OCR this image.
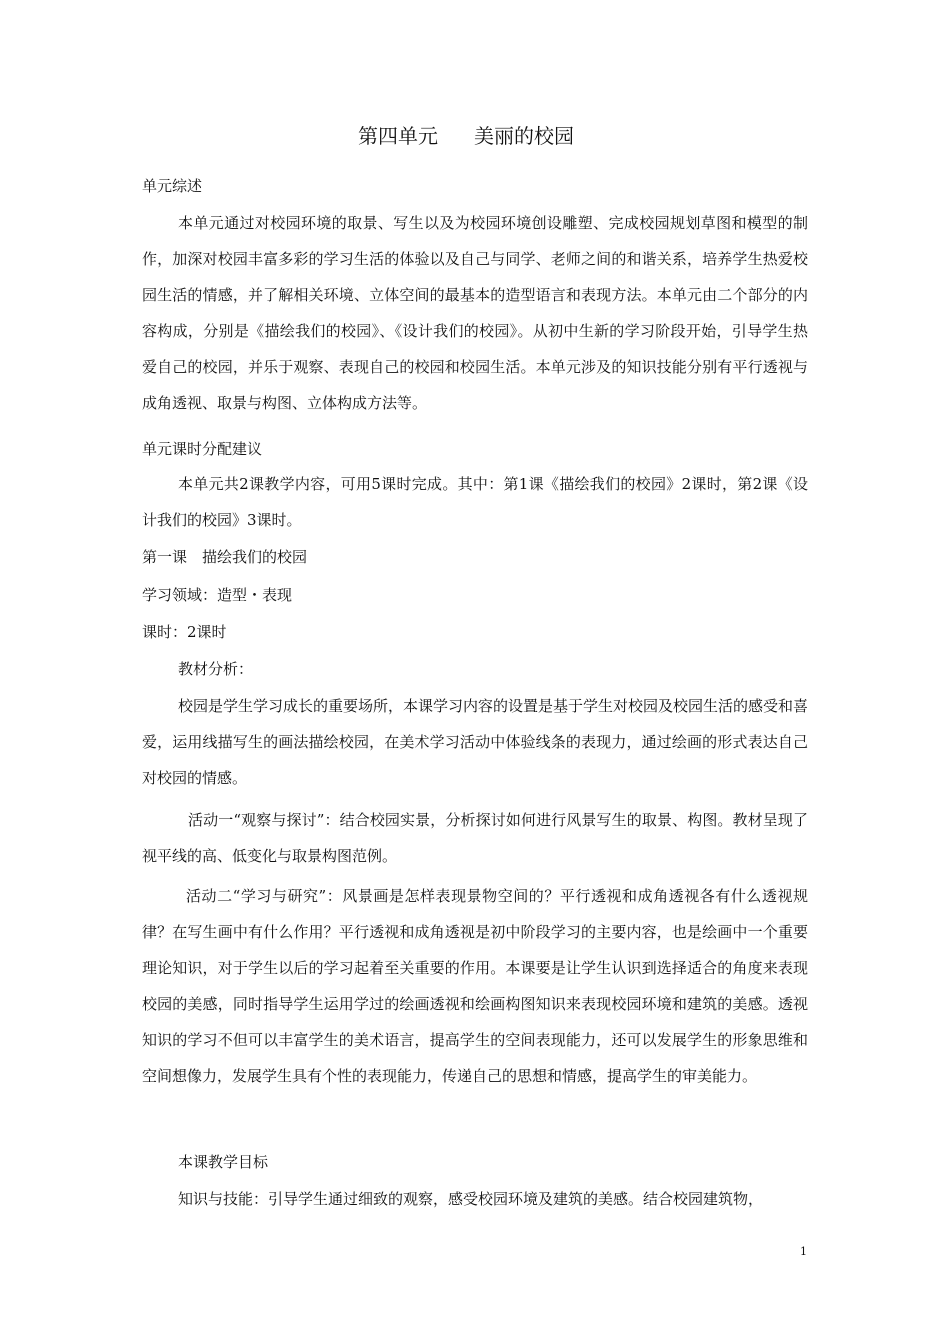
第四单元 美丽的校园
单元综述
本单元通过对校园环境的取景、写生以及为校园环境创设雕塑、完成校园规划草图和模型的制作，加深对校园丰富多彩的学习生活的体验以及自己与同学、老师之间的和谐关系，培养学生热爱校园生活的情感，并了解相关环境、立体空间的最基本的造型语言和表现方法。本单元由二个部分的内容构成，分别是《描绘我们的校园》、《设计我们的校园》。从初中生新的学习阶段开始，引导学生热爱自己的校园，并乐于观察、表现自己的校园和校园生活。本单元涉及的知识技能分别有平行透视与成角透视、取景与构图、立体构成方法等。
单元课时分配建议
本单元共2课教学内容，可用5课时完成。其中：第1课《描绘我们的校园》2课时，第2课《设计我们的校园》3课时。
第一课　描绘我们的校园
学习领域：造型・表现
课时：2课时
教材分析：
校园是学生学习成长的重要场所，本课学习内容的设置是基于学生对校园及校园生活的感受和喜爱，运用线描写生的画法描绘校园，在美术学习活动中体验线条的表现力，通过绘画的形式表达自己对校园的情感。
活动一“观察与探讨”：结合校园实景，分析探讨如何进行风景写生的取景、构图。教材呈现了视平线的高、低变化与取景构图范例。
活动二“学习与研究”：风景画是怎样表现景物空间的？平行透视和成角透视各有什么透视规律？在写生画中有什么作用？平行透视和成角透视是初中阶段学习的主要内容，也是绘画中一个重要理论知识，对于学生以后的学习起着至关重要的作用。本课要是让学生认识到选择适合的角度来表现校园的美感，同时指导学生运用学过的绘画透视和绘画构图知识来表现校园环境和建筑的美感。透视知识的学习不但可以丰富学生的美术语言，提高学生的空间表现能力，还可以发展学生的形象思维和空间想像力，发展学生具有个性的表现能力，传递自己的思想和情感，提高学生的审美能力。
本课教学目标
知识与技能：引导学生通过细致的观察，感受校园环境及建筑的美感。结合校园建筑物，
1
